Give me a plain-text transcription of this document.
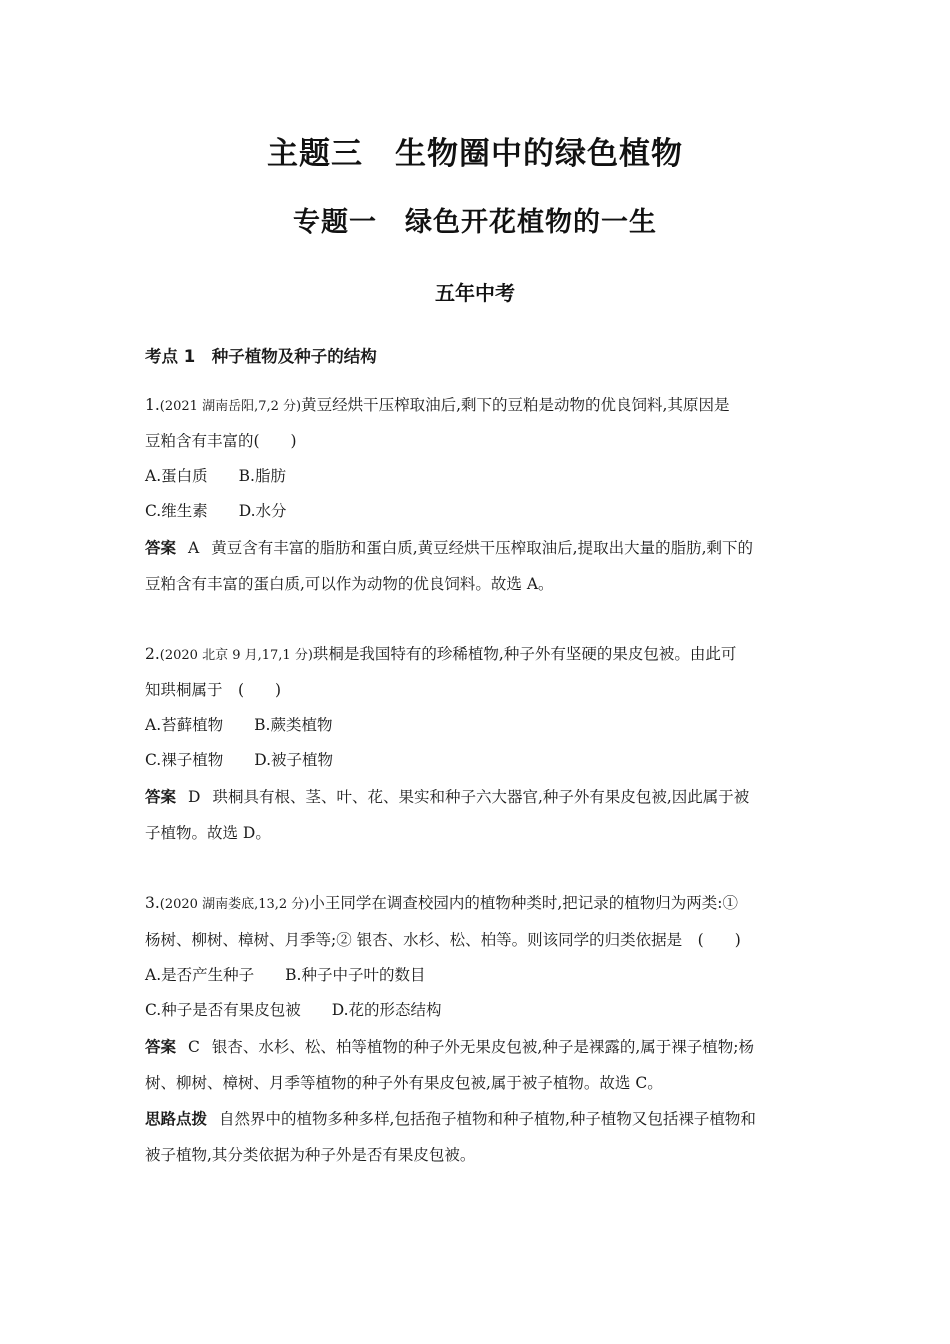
主题三　生物圈中的绿色植物
专题一　绿色开花植物的一生
五年中考
考点 1　种子植物及种子的结构
1.(2021 湖南岳阳,7,2 分)黄豆经烘干压榨取油后,剩下的豆粕是动物的优良饲料,其原因是
豆粕含有丰富的(　　)
A.蛋白质　　B.脂肪
C.维生素　　D.水分
答案 A 黄豆含有丰富的脂肪和蛋白质,黄豆经烘干压榨取油后,提取出大量的脂肪,剩下的
豆粕含有丰富的蛋白质,可以作为动物的优良饲料。故选 A。
2.(2020 北京 9 月,17,1 分)珙桐是我国特有的珍稀植物,种子外有坚硬的果皮包被。由此可
知珙桐属于　(　　)
A.苔藓植物　　B.蕨类植物
C.裸子植物　　D.被子植物
答案 D 珙桐具有根、茎、叶、花、果实和种子六大器官,种子外有果皮包被,因此属于被
子植物。故选 D。
3.(2020 湖南娄底,13,2 分)小王同学在调查校园内的植物种类时,把记录的植物归为两类:①
杨树、柳树、樟树、月季等;② 银杏、水杉、松、柏等。则该同学的归类依据是　(　　)
A.是否产生种子　　B.种子中子叶的数目
C.种子是否有果皮包被　　D.花的形态结构
答案 C 银杏、水杉、松、柏等植物的种子外无果皮包被,种子是裸露的,属于裸子植物;杨
树、柳树、樟树、月季等植物的种子外有果皮包被,属于被子植物。故选 C。
思路点拨 自然界中的植物多种多样,包括孢子植物和种子植物,种子植物又包括裸子植物和
被子植物,其分类依据为种子外是否有果皮包被。
